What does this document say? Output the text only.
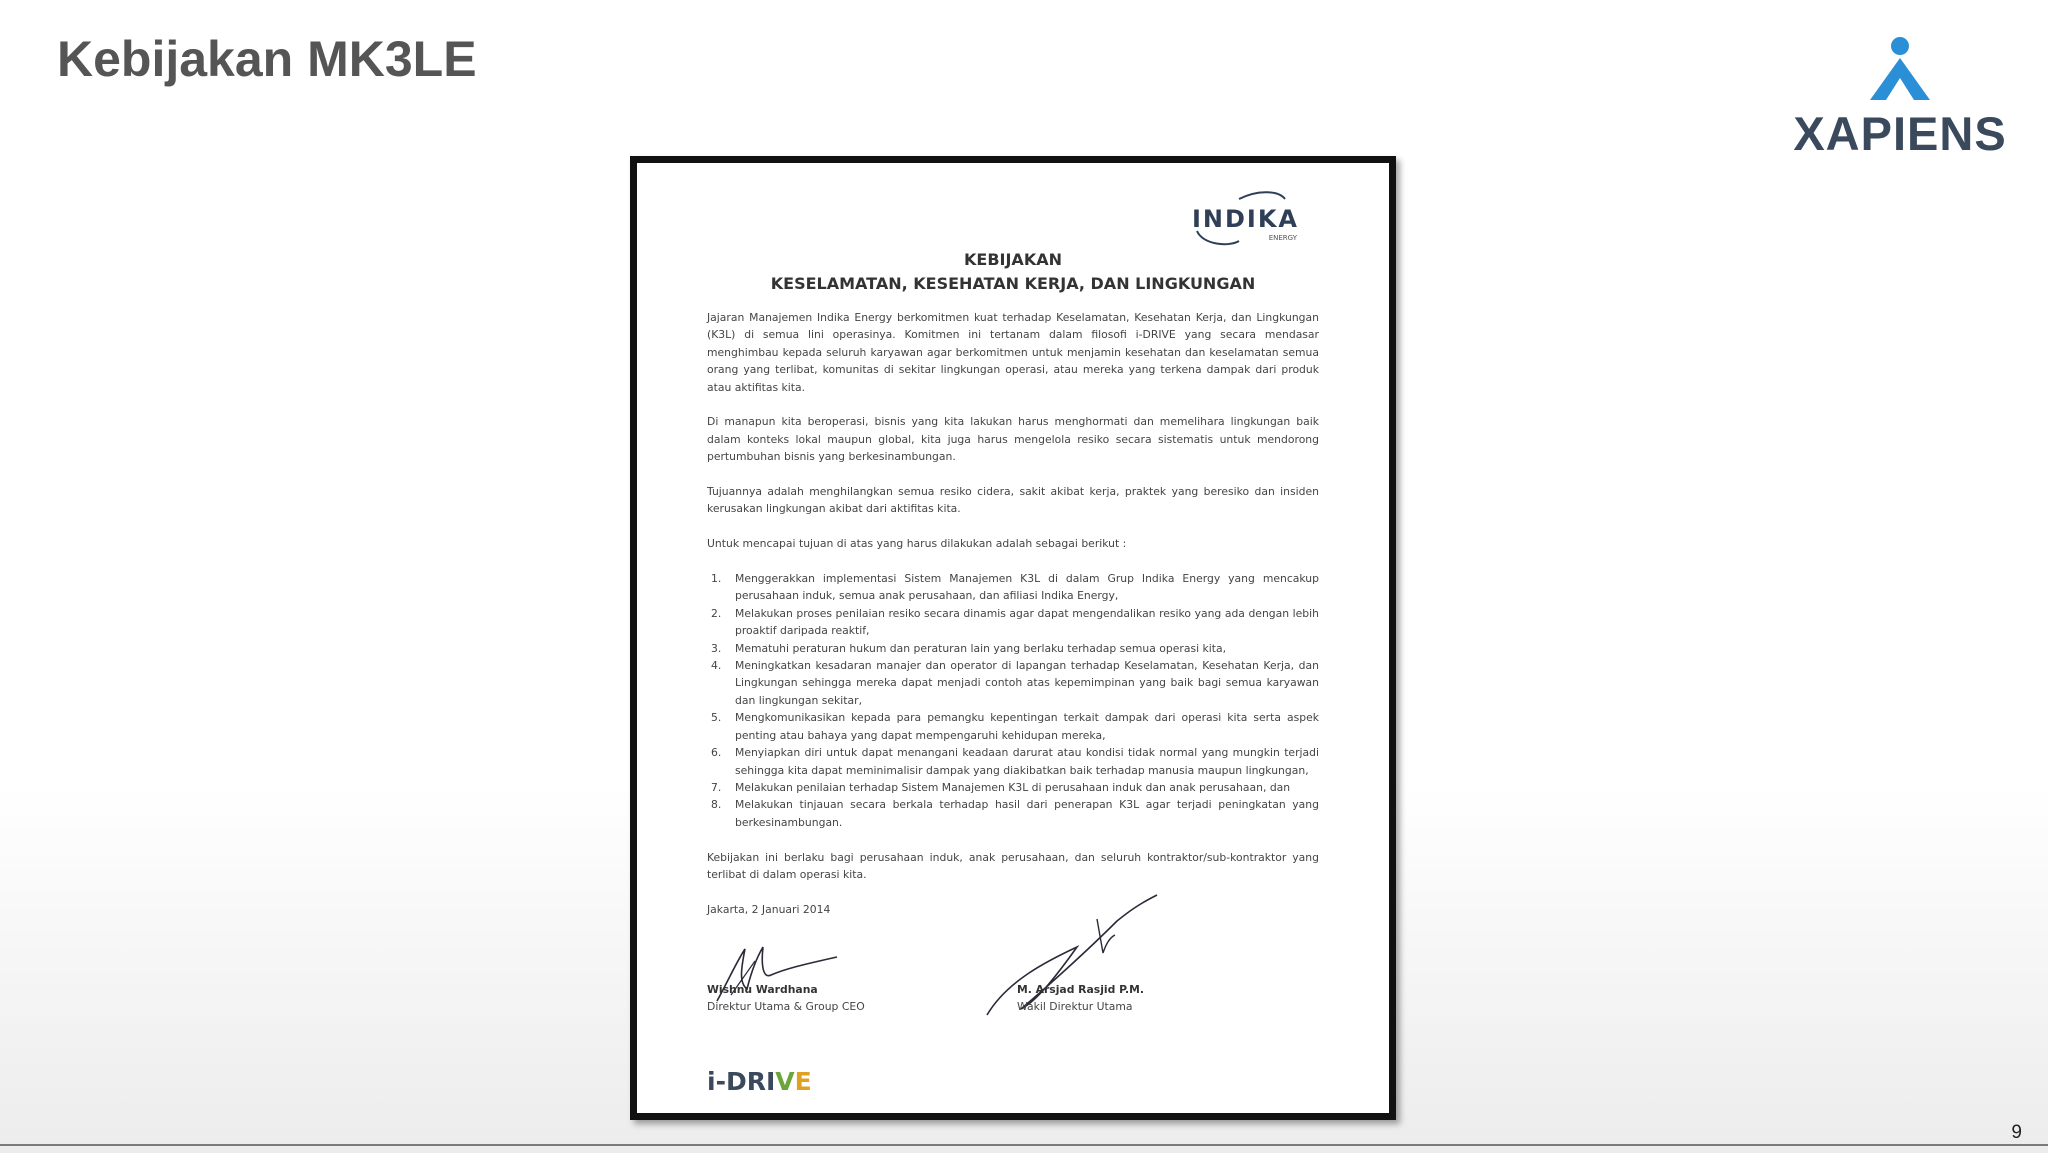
Kebijakan MK3LE
XAPIENS
INDIKA
ENERGY
KEBIJAKAN
KESELAMATAN, KESEHATAN KERJA, DAN LINGKUNGAN

Jajaran Manajemen Indika Energy berkomitmen kuat terhadap Keselamatan, Kesehatan Kerja, dan Lingkungan (K3L) di semua lini operasinya. Komitmen ini tertanam dalam filosofi i-DRIVE yang secara mendasar menghimbau kepada seluruh karyawan agar berkomitmen untuk menjamin kesehatan dan keselamatan semua orang yang terlibat, komunitas di sekitar lingkungan operasi, atau mereka yang terkena dampak dari produk atau aktifitas kita.

Di manapun kita beroperasi, bisnis yang kita lakukan harus menghormati dan memelihara lingkungan baik dalam konteks lokal maupun global, kita juga harus mengelola resiko secara sistematis untuk mendorong pertumbuhan bisnis yang berkesinambungan.

Tujuannya adalah menghilangkan semua resiko cidera, sakit akibat kerja, praktek yang beresiko dan insiden kerusakan lingkungan akibat dari aktifitas kita.

Untuk mencapai tujuan di atas yang harus dilakukan adalah sebagai berikut :

1. Menggerakkan implementasi Sistem Manajemen K3L di dalam Grup Indika Energy yang mencakup perusahaan induk, semua anak perusahaan, dan afiliasi Indika Energy,
2. Melakukan proses penilaian resiko secara dinamis agar dapat mengendalikan resiko yang ada dengan lebih proaktif daripada reaktif,
3. Mematuhi peraturan hukum dan peraturan lain yang berlaku terhadap semua operasi kita,
4. Meningkatkan kesadaran manajer dan operator di lapangan terhadap Keselamatan, Kesehatan Kerja, dan Lingkungan sehingga mereka dapat menjadi contoh atas kepemimpinan yang baik bagi semua karyawan dan lingkungan sekitar,
5. Mengkomunikasikan kepada para pemangku kepentingan terkait dampak dari operasi kita serta aspek penting atau bahaya yang dapat mempengaruhi kehidupan mereka,
6. Menyiapkan diri untuk dapat menangani keadaan darurat atau kondisi tidak normal yang mungkin terjadi sehingga kita dapat meminimalisir dampak yang diakibatkan baik terhadap manusia maupun lingkungan,
7. Melakukan penilaian terhadap Sistem Manajemen K3L di perusahaan induk dan anak perusahaan, dan
8. Melakukan tinjauan secara berkala terhadap hasil dari penerapan K3L agar terjadi peningkatan yang berkesinambungan.

Kebijakan ini berlaku bagi perusahaan induk, anak perusahaan, dan seluruh kontraktor/sub-kontraktor yang terlibat di dalam operasi kita.

Jakarta, 2 Januari 2014

Wishnu Wardhana
Direktur Utama & Group CEO
M. Arsjad Rasjid P.M.
Wakil Direktur Utama
i-DRIVE
9
